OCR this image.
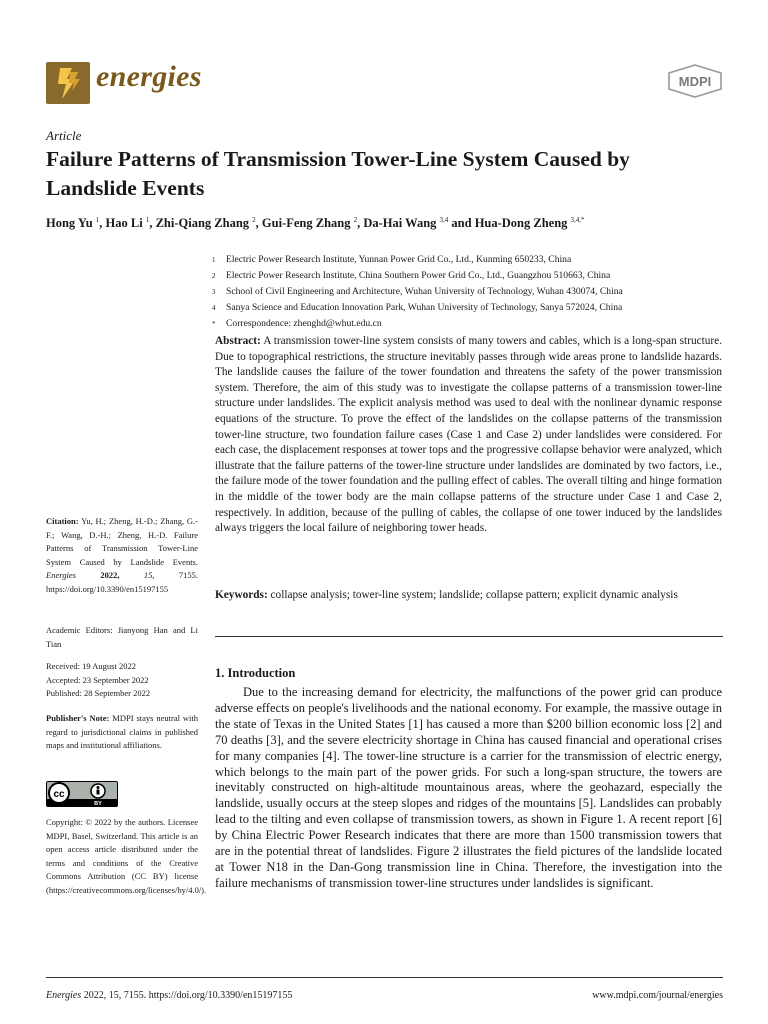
energies	MDPI
Article
Failure Patterns of Transmission Tower-Line System Caused by Landslide Events
Hong Yu $^1$, Hao Li $^1$, Zhi-Qiang Zhang $^2$, Gui-Feng Zhang $^2$, Da-Hai Wang $^{3,4}$ and Hua-Dong Zheng $^{3,4,*}$
1	Electric Power Research Institute, Yunnan Power Grid Co., Ltd., Kunming 650233, China
2	Electric Power Research Institute, China Southern Power Grid Co., Ltd., Guangzhou 510663, China
3	School of Civil Engineering and Architecture, Wuhan University of Technology, Wuhan 430074, China
4	Sanya Science and Education Innovation Park, Wuhan University of Technology, Sanya 572024, China
*	Correspondence: zhenghd@whut.edu.cn
Abstract: A transmission tower-line system consists of many towers and cables, which is a long-span structure. Due to topographical restrictions, the structure inevitably passes through wide areas prone to landslide hazards. The landslide causes the failure of the tower foundation and threatens the safety of the power transmission system. Therefore, the aim of this study was to investigate the collapse patterns of a transmission tower-line structure under landslides. The explicit analysis method was used to deal with the nonlinear dynamic response equations of the structure. To prove the effect of the landslides on the collapse patterns of the transmission tower-line structure, two foundation failure cases (Case 1 and Case 2) under landslides were considered. For each case, the displacement responses at tower tops and the progressive collapse behavior were analyzed, which illustrate that the failure patterns of the tower-line structure under landslides are dominated by two factors, i.e., the failure mode of the tower foundation and the pulling effect of cables. The overall tilting and hinge formation in the middle of the tower body are the main collapse patterns of the structure under Case 1 and Case 2, respectively. In addition, because of the pulling of cables, the collapse of one tower induced by the landslides always triggers the local failure of neighboring tower heads.
Keywords: collapse analysis; tower-line system; landslide; collapse pattern; explicit dynamic analysis
Citation: Yu, H.; Zheng, H.-D.; Zhang, G.-F.; Wang, D.-H.; Zheng, H.-D. Failure Patterns of Transmission Tower-Line System Caused by Landslide Events. Energies	2022,	15,	7155. https://doi.org/10.3390/en15197155
Academic Editors: Jianyong Han and Li Tian
Received: 19 August 2022
Accepted: 23 September 2022
Published: 28 September 2022
Publisher's Note: MDPI stays neutral with regard to jurisdictional claims in published maps and institutional affiliations.
cc
BY
Copyright: © 2022 by the authors. Licensee MDPI, Basel, Switzerland. This article is an open access article distributed under the terms and conditions of the Creative Commons Attribution (CC BY) license (https://creativecommons.org/licenses/by/4.0/).
1. Introduction

Due to the increasing demand for electricity, the malfunctions of the power grid can produce adverse effects on people's livelihoods and the national economy. For example, the massive outage in the state of Texas in the United States [1] has caused a more than $200 billion economic loss [2] and 70 deaths [3], and the severe electricity shortage in China has caused financial and operational crises for many companies [4]. The tower-line structure is a carrier for the transmission of electric energy, which belongs to the main part of the power grids. For such a long-span structure, the towers are inevitably constructed on high-altitude mountainous areas, where the geohazard, especially the landslide, usually occurs at the steep slopes and ridges of the mountains [5]. Landslides can probably lead to the tilting and even collapse of transmission towers, as shown in Figure 1. A recent report [6] by China Electric Power Research indicates that there are more than 1500 transmission towers that are in the potential threat of landslides. Figure 2 illustrates the field pictures of the landslide located at Tower N18 in the Dan-Gong transmission line in China. Therefore, the investigation into the failure mechanisms of transmission tower-line structures under landslides is significant.

Energies 2022, 15, 7155. https://doi.org/10.3390/en15197155	www.mdpi.com/journal/energies
